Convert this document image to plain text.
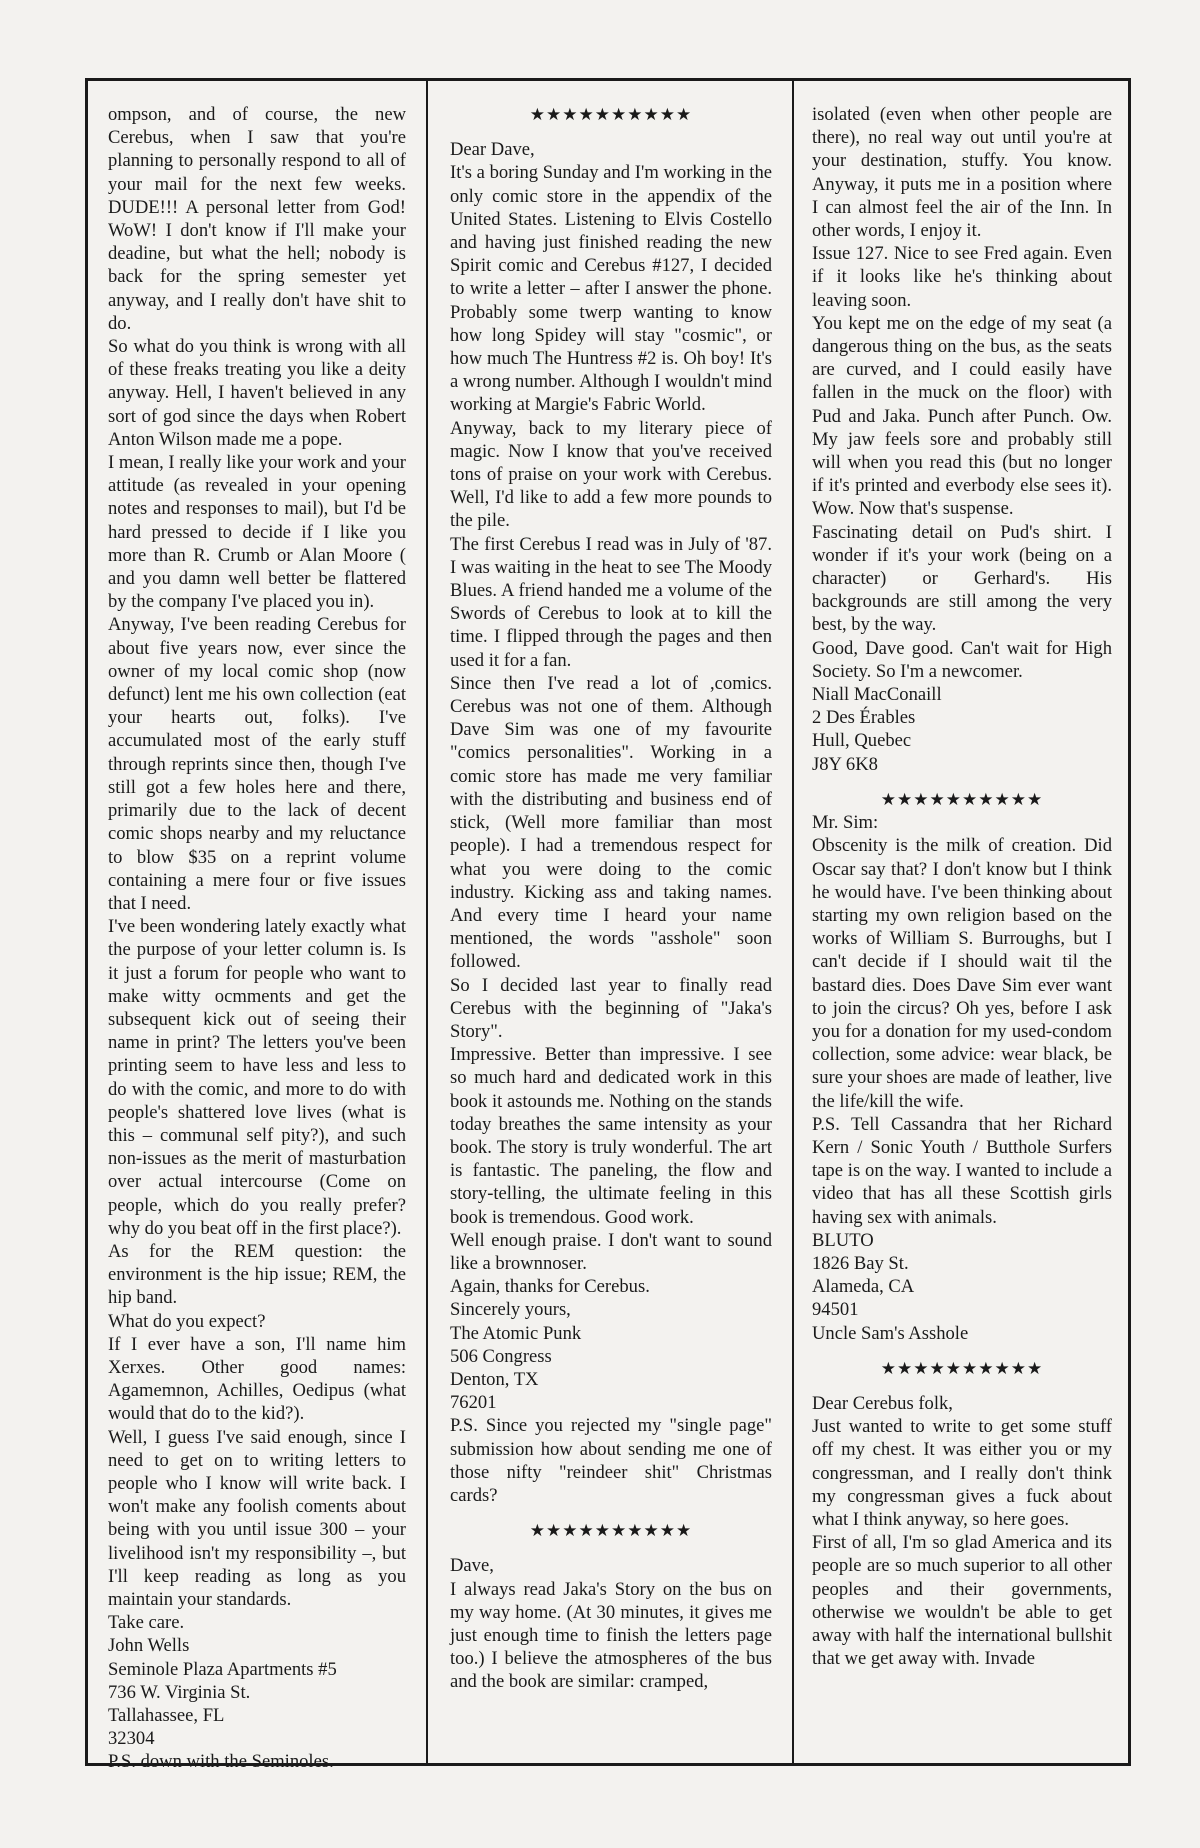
ompson, and of course, the new Cerebus, when I saw that you're planning to personally respond to all of your mail for the next few weeks. DUDE!!! A personal letter from God! WoW! I don't know if I'll make your deadine, but what the hell; nobody is back for the spring semester yet anyway, and I really don't have shit to do.

So what do you think is wrong with all of these freaks treating you like a deity anyway. Hell, I haven't believed in any sort of god since the days when Robert Anton Wilson made me a pope.

I mean, I really like your work and your attitude (as revealed in your opening notes and responses to mail), but I'd be hard pressed to decide if I like you more than R. Crumb or Alan Moore ( and you damn well better be flattered by the company I've placed you in).

Anyway, I've been reading Cerebus for about five years now, ever since the owner of my local comic shop (now defunct) lent me his own collection (eat your hearts out, folks). I've accumulated most of the early stuff through reprints since then, though I've still got a few holes here and there, primarily due to the lack of decent comic shops nearby and my reluctance to blow $35 on a reprint volume containing a mere four or five issues that I need.

I've been wondering lately exactly what the purpose of your letter column is. Is it just a forum for people who want to make witty ocmments and get the subsequent kick out of seeing their name in print? The letters you've been printing seem to have less and less to do with the comic, and more to do with people's shattered love lives (what is this – communal self pity?), and such non-issues as the merit of masturbation over actual intercourse (Come on people, which do you really prefer? why do you beat off in the first place?).

As for the REM question: the environment is the hip issue; REM, the hip band.

What do you expect?

If I ever have a son, I'll name him Xerxes. Other good names: Agamemnon, Achilles, Oedipus (what would that do to the kid?).

Well, I guess I've said enough, since I need to get on to writing letters to people who I know will write back. I won't make any foolish coments about being with you until issue 300 – your livelihood isn't my responsibility –, but I'll keep reading as long as you maintain your standards.

Take care.

John Wells

Seminole Plaza Apartments #5

736 W. Virginia St.

Tallahassee, FL

32304

P.S. down with the Seminoles.

★★★★★★★★★★

Dear Dave,

It's a boring Sunday and I'm working in the only comic store in the appendix of the United States. Listening to Elvis Costello and having just finished reading the new Spirit comic and Cerebus #127, I decided to write a letter – after I answer the phone. Probably some twerp wanting to know how long Spidey will stay "cosmic", or how much The Huntress #2 is. Oh boy! It's a wrong number. Although I wouldn't mind working at Margie's Fabric World.

Anyway, back to my literary piece of magic. Now I know that you've received tons of praise on your work with Cerebus. Well, I'd like to add a few more pounds to the pile.

The first Cerebus I read was in July of '87. I was waiting in the heat to see The Moody Blues. A friend handed me a volume of the Swords of Cerebus to look at to kill the time. I flipped through the pages and then used it for a fan.

Since then I've read a lot of ,comics. Cerebus was not one of them. Although Dave Sim was one of my favourite "comics personalities". Working in a comic store has made me very familiar with the distributing and business end of stick, (Well more familiar than most people). I had a tremendous respect for what you were doing to the comic industry. Kicking ass and taking names. And every time I heard your name mentioned, the words "asshole" soon followed.

So I decided last year to finally read Cerebus with the beginning of "Jaka's Story".

Impressive. Better than impressive. I see so much hard and dedicated work in this book it astounds me. Nothing on the stands today breathes the same intensity as your book. The story is truly wonderful. The art is fantastic. The paneling, the flow and story-telling, the ultimate feeling in this book is tremendous. Good work.

Well enough praise. I don't want to sound like a brownnoser.

Again, thanks for Cerebus.

Sincerely yours,

The Atomic Punk

506 Congress

Denton, TX

76201

P.S. Since you rejected my "single page" submission how about sending me one of those nifty "reindeer shit" Christmas cards?

★★★★★★★★★★

Dave,

I always read Jaka's Story on the bus on my way home. (At 30 minutes, it gives me just enough time to finish the letters page too.) I believe the atmospheres of the bus and the book are similar: cramped,

isolated (even when other people are there), no real way out until you're at your destination, stuffy. You know. Anyway, it puts me in a position where I can almost feel the air of the Inn. In other words, I enjoy it.

Issue 127. Nice to see Fred again. Even if it looks like he's thinking about leaving soon.

You kept me on the edge of my seat (a dangerous thing on the bus, as the seats are curved, and I could easily have fallen in the muck on the floor) with Pud and Jaka. Punch after Punch. Ow. My jaw feels sore and probably still will when you read this (but no longer if it's printed and everbody else sees it). Wow. Now that's suspense.

Fascinating detail on Pud's shirt. I wonder if it's your work (being on a character) or Gerhard's. His backgrounds are still among the very best, by the way.

Good, Dave good. Can't wait for High Society. So I'm a newcomer.

Niall MacConaill

2 Des Érables

Hull, Quebec

J8Y 6K8

★★★★★★★★★★

Mr. Sim:

Obscenity is the milk of creation. Did Oscar say that? I don't know but I think he would have. I've been thinking about starting my own religion based on the works of William S. Burroughs, but I can't decide if I should wait til the bastard dies. Does Dave Sim ever want to join the circus? Oh yes, before I ask you for a donation for my used-condom collection, some advice: wear black, be sure your shoes are made of leather, live the life/kill the wife.

P.S. Tell Cassandra that her Richard Kern / Sonic Youth / Butthole Surfers tape is on the way. I wanted to include a video that has all these Scottish girls having sex with animals.

BLUTO

1826 Bay St.

Alameda, CA

94501

Uncle Sam's Asshole

★★★★★★★★★★

Dear Cerebus folk,

Just wanted to write to get some stuff off my chest. It was either you or my congressman, and I really don't think my congressman gives a fuck about what I think anyway, so here goes.

First of all, I'm so glad America and its people are so much superior to all other peoples and their governments, otherwise we wouldn't be able to get away with half the international bullshit that we get away with. Invade
